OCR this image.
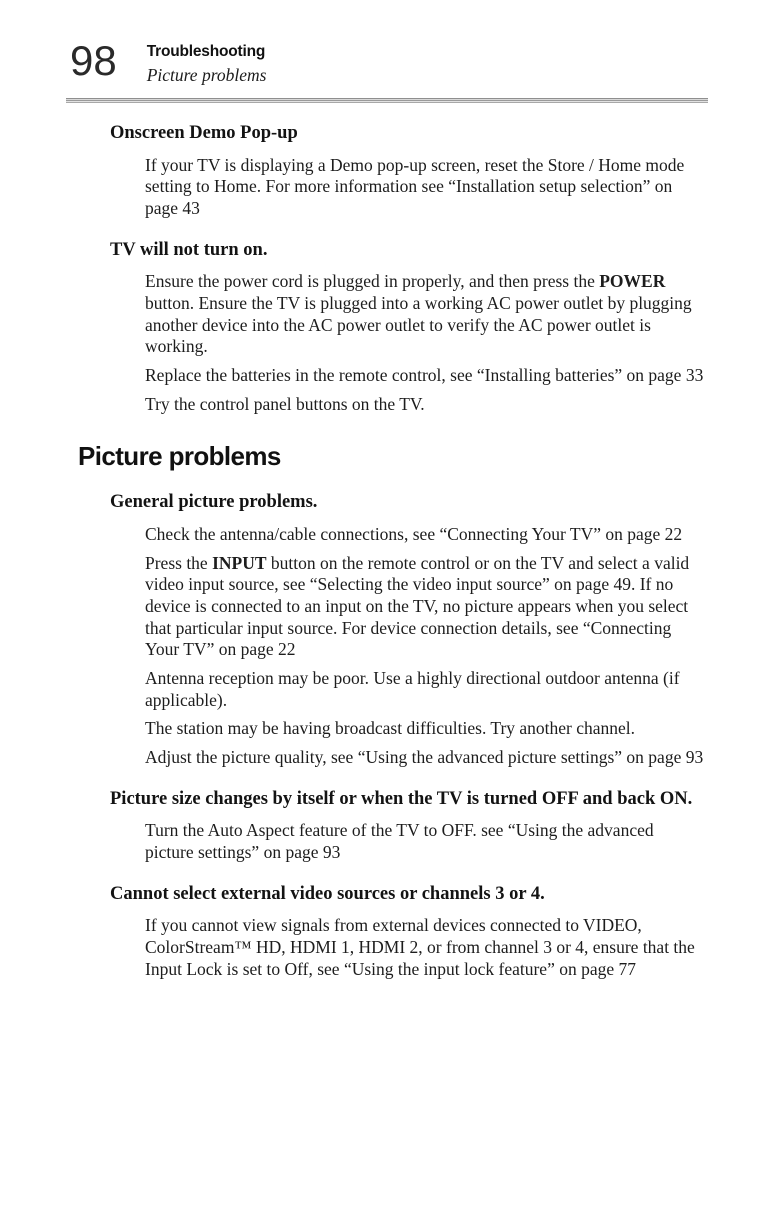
98 Troubleshooting
Picture problems
Onscreen Demo Pop-up

If your TV is displaying a Demo pop-up screen, reset the Store / Home mode setting to Home. For more information see “Installation setup selection” on page 43

TV will not turn on.

Ensure the power cord is plugged in properly, and then press the POWER button. Ensure the TV is plugged into a working AC power outlet by plugging another device into the AC power outlet to verify the AC power outlet is working.

Replace the batteries in the remote control, see “Installing batteries” on page 33

Try the control panel buttons on the TV.

Picture problems
General picture problems.

Check the antenna/cable connections, see “Connecting Your TV” on page 22

Press the INPUT button on the remote control or on the TV and select a valid video input source, see “Selecting the video input source” on page 49. If no device is connected to an input on the TV, no picture appears when you select that particular input source. For device connection details, see “Connecting Your TV” on page 22

Antenna reception may be poor. Use a highly directional outdoor antenna (if applicable).

The station may be having broadcast difficulties. Try another channel.

Adjust the picture quality, see “Using the advanced picture settings” on page 93

Picture size changes by itself or when the TV is turned OFF and back ON.

Turn the Auto Aspect feature of the TV to OFF. see “Using the advanced picture settings” on page 93

Cannot select external video sources or channels 3 or 4.

If you cannot view signals from external devices connected to VIDEO, ColorStream™ HD, HDMI 1, HDMI 2, or from channel 3 or 4, ensure that the Input Lock is set to Off, see “Using the input lock feature” on page 77
